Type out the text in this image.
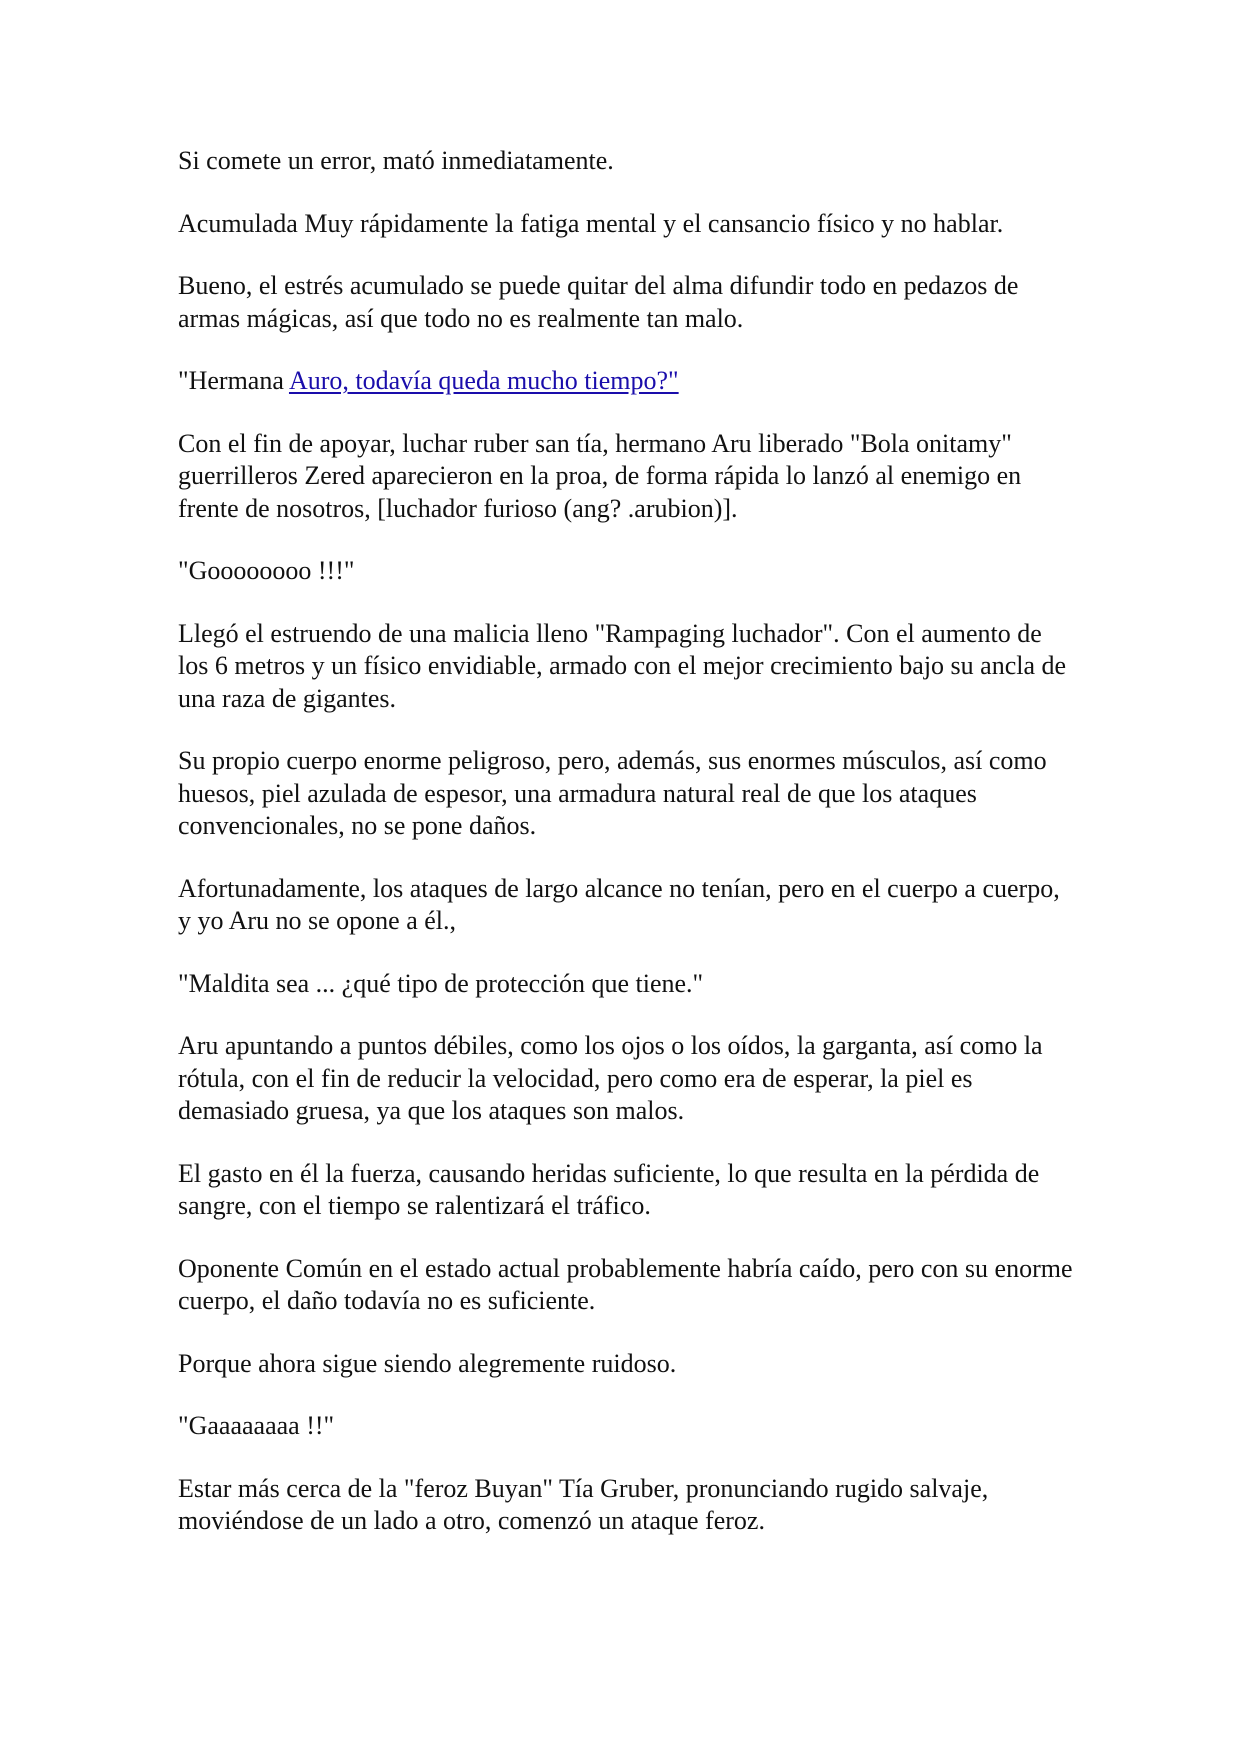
Si comete un error, mató inmediatamente.

Acumulada Muy rápidamente la fatiga mental y el cansancio físico y no hablar.

Bueno, el estrés acumulado se puede quitar del alma difundir todo en pedazos de armas mágicas, así que todo no es realmente tan malo.

"Hermana Auro, todavía queda mucho tiempo?"

Con el fin de apoyar, luchar ruber san tía, hermano Aru liberado "Bola onitamy" guerrilleros Zered aparecieron en la proa, de forma rápida lo lanzó al enemigo en frente de nosotros, [luchador furioso (ang? .arubion)].

"Goooooooo !!!"

Llegó el estruendo de una malicia lleno "Rampaging luchador". Con el aumento de los 6 metros y un físico envidiable, armado con el mejor crecimiento bajo su ancla de una raza de gigantes.

Su propio cuerpo enorme peligroso, pero, además, sus enormes músculos, así como huesos, piel azulada de espesor, una armadura natural real de que los ataques convencionales, no se pone daños.

Afortunadamente, los ataques de largo alcance no tenían, pero en el cuerpo a cuerpo, y yo Aru no se opone a él.,

"Maldita sea ... ¿qué tipo de protección que tiene."

Aru apuntando a puntos débiles, como los ojos o los oídos, la garganta, así como la rótula, con el fin de reducir la velocidad, pero como era de esperar, la piel es demasiado gruesa, ya que los ataques son malos.

El gasto en él la fuerza, causando heridas suficiente, lo que resulta en la pérdida de sangre, con el tiempo se ralentizará el tráfico.

Oponente Común en el estado actual probablemente habría caído, pero con su enorme cuerpo, el daño todavía no es suficiente.

Porque ahora sigue siendo alegremente ruidoso.

"Gaaaaaaaa !!"

Estar más cerca de la "feroz Buyan" Tía Gruber, pronunciando rugido salvaje, moviéndose de un lado a otro, comenzó un ataque feroz.
